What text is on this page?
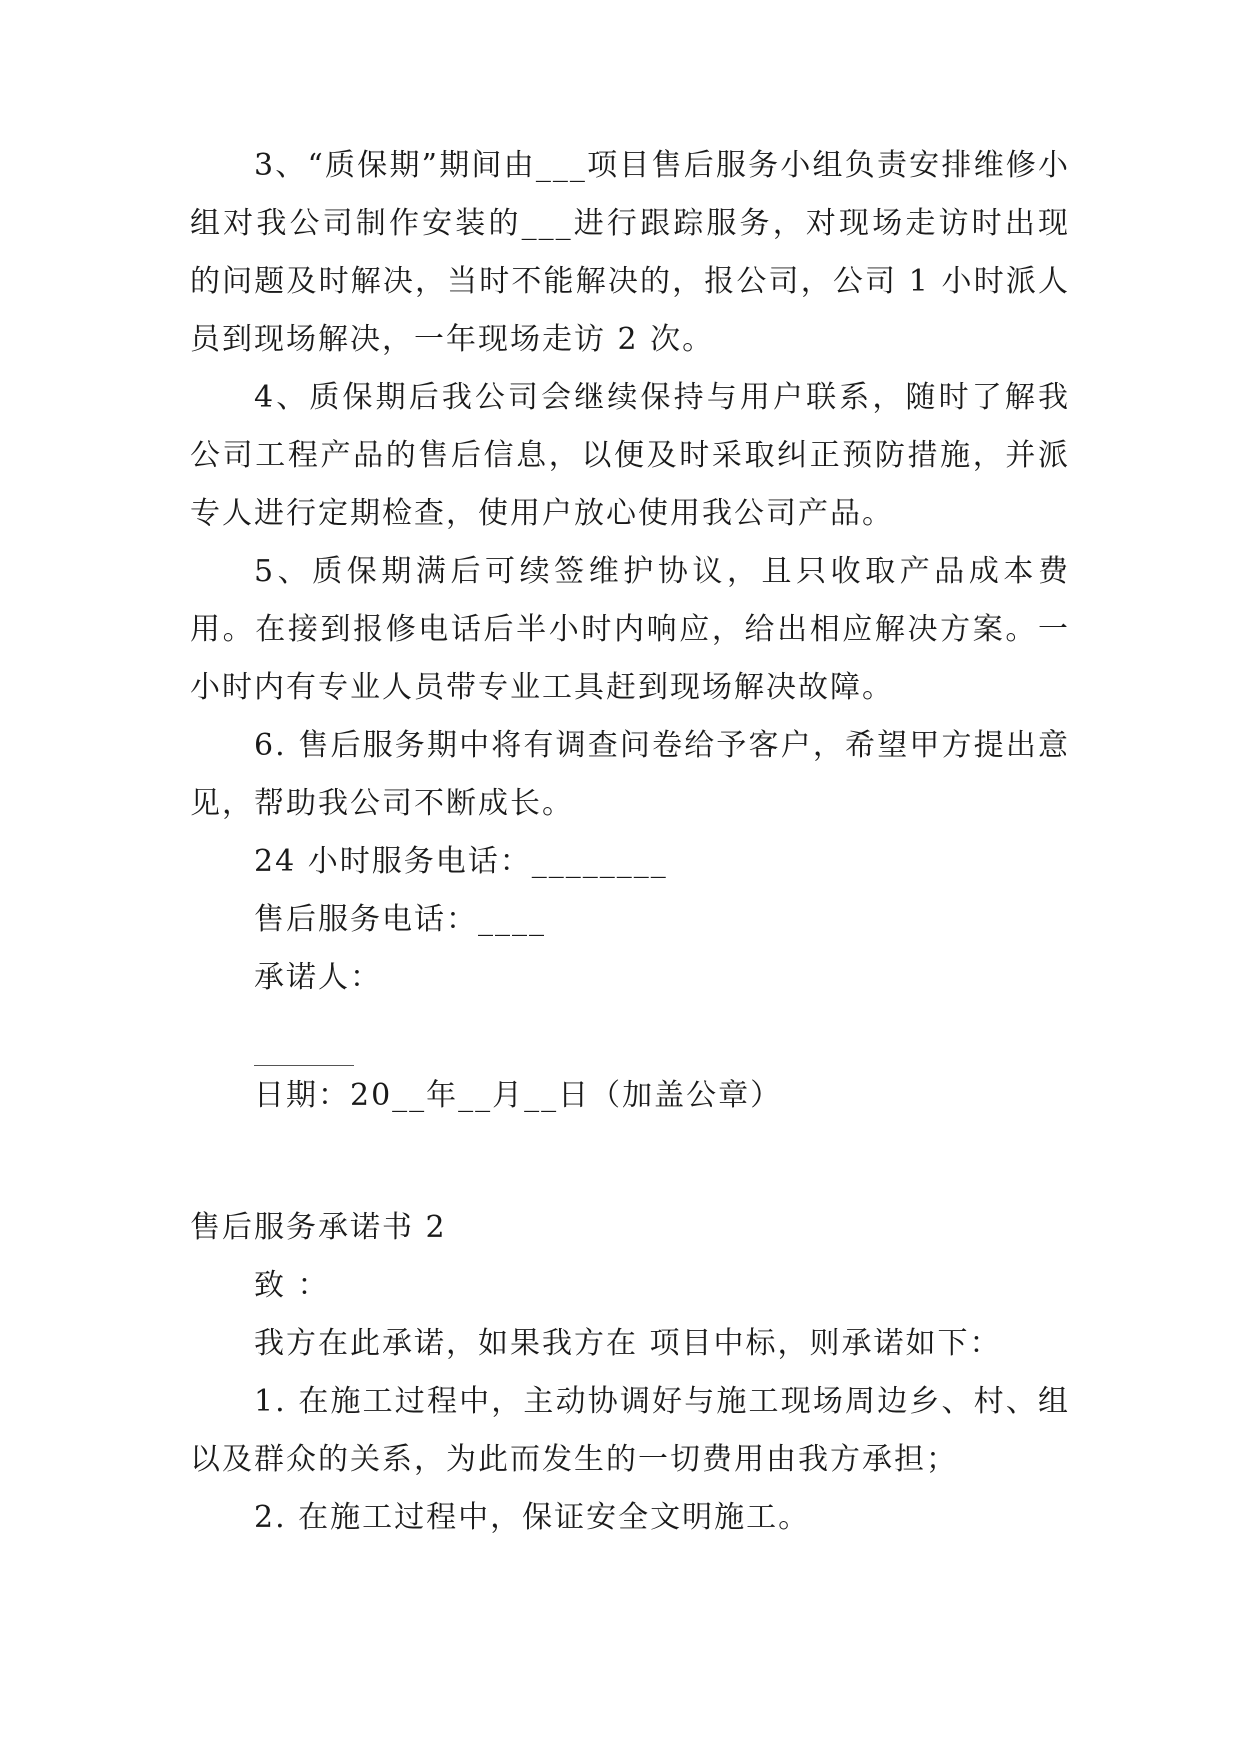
3、“质保期”期间由___项目售后服务小组负责安排维修小组对我公司制作安装的___进行跟踪服务，对现场走访时出现的问题及时解决，当时不能解决的，报公司，公司 1 小时派人员到现场解决，一年现场走访 2 次。

4、质保期后我公司会继续保持与用户联系，随时了解我公司工程产品的售后信息，以便及时采取纠正预防措施，并派专人进行定期检查，使用户放心使用我公司产品。

5、质保期满后可续签维护协议，且只收取产品成本费用。在接到报修电话后半小时内响应，给出相应解决方案。一小时内有专业人员带专业工具赶到现场解决故障。

6. 售后服务期中将有调查问卷给予客户，希望甲方提出意见，帮助我公司不断成长。

24 小时服务电话：________

售后服务电话：____

承诺人：

日期：20__年__月__日（加盖公章）

售后服务承诺书 2

致 ：

我方在此承诺，如果我方在 项目中标，则承诺如下：

1. 在施工过程中，主动协调好与施工现场周边乡、村、组以及群众的关系，为此而发生的一切费用由我方承担；

2. 在施工过程中，保证安全文明施工。
